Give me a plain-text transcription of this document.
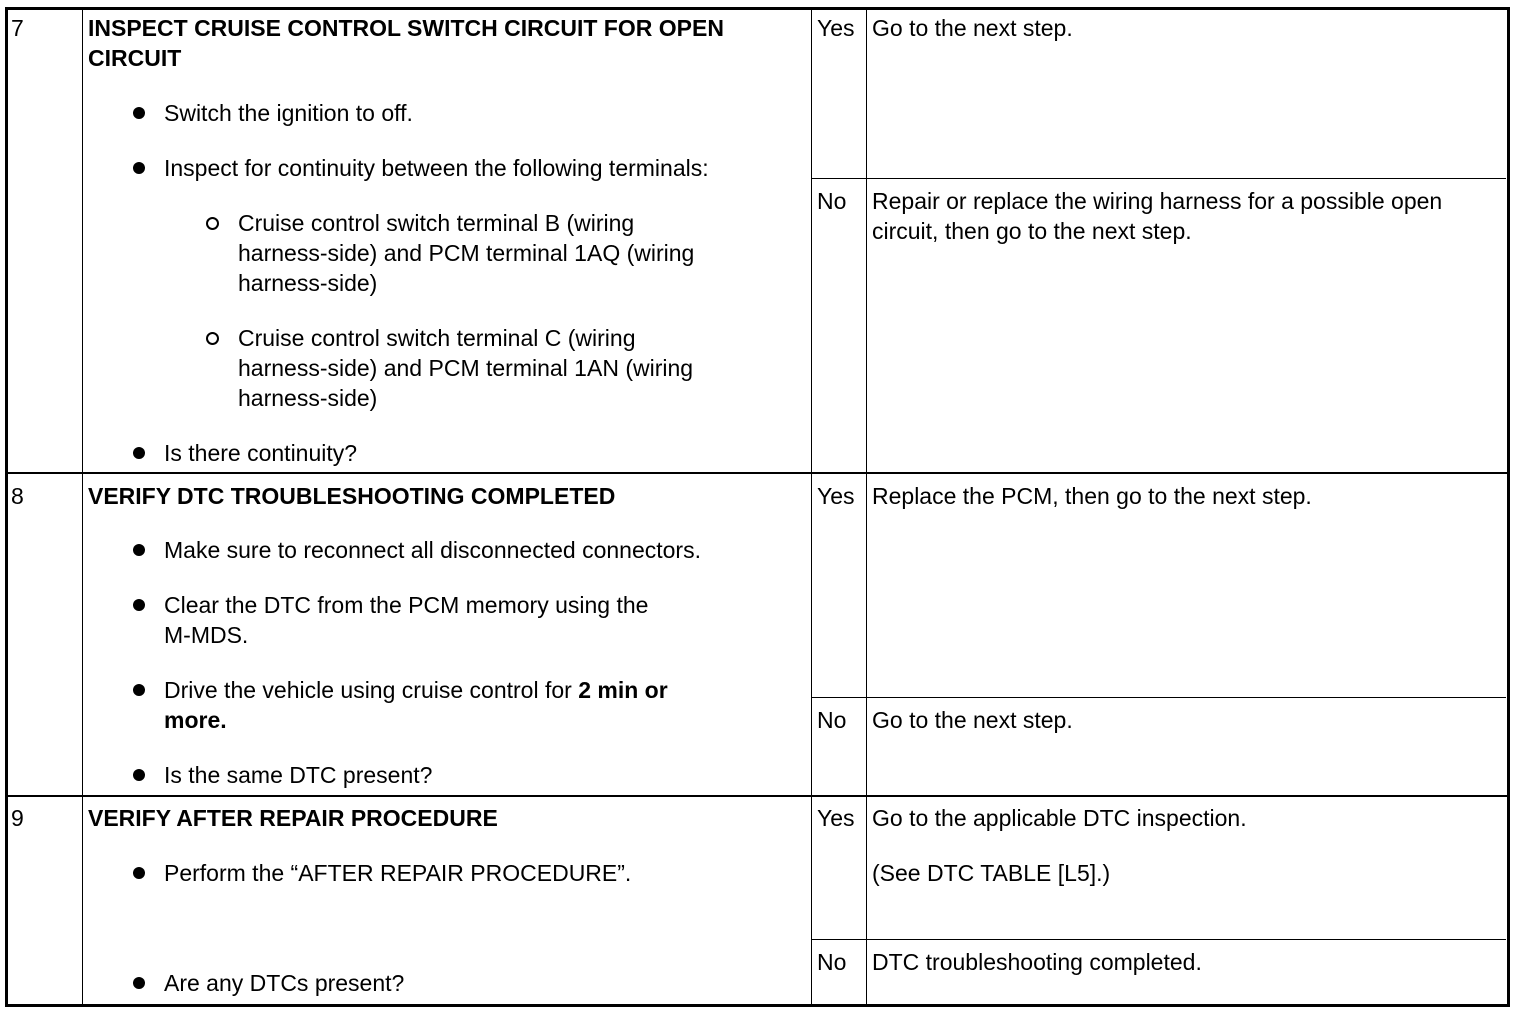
7	INSPECT CRUISE CONTROL SWITCH CIRCUIT FOR OPEN
CIRCUIT
Switch the ignition to off.
Inspect for continuity between the following terminals:
Cruise control switch terminal B (wiring
harness-side) and PCM terminal 1AQ (wiring
harness-side)
Cruise control switch terminal C (wiring
harness-side) and PCM terminal 1AN (wiring
harness-side)
Is there continuity?
Yes Go to the next step.
No Repair or replace the wiring harness for a possible open
circuit, then go to the next step.
8	VERIFY DTC TROUBLESHOOTING COMPLETED
Make sure to reconnect all disconnected connectors.
Clear the DTC from the PCM memory using the
M-MDS.
Drive the vehicle using cruise control for 2 min or
more.
Is the same DTC present?
Yes Replace the PCM, then go to the next step.
No Go to the next step.
9	VERIFY AFTER REPAIR PROCEDURE
Perform the “AFTER REPAIR PROCEDURE”.
Are any DTCs present?
Yes Go to the applicable DTC inspection.
(See DTC TABLE [L5].)
No DTC troubleshooting completed.
